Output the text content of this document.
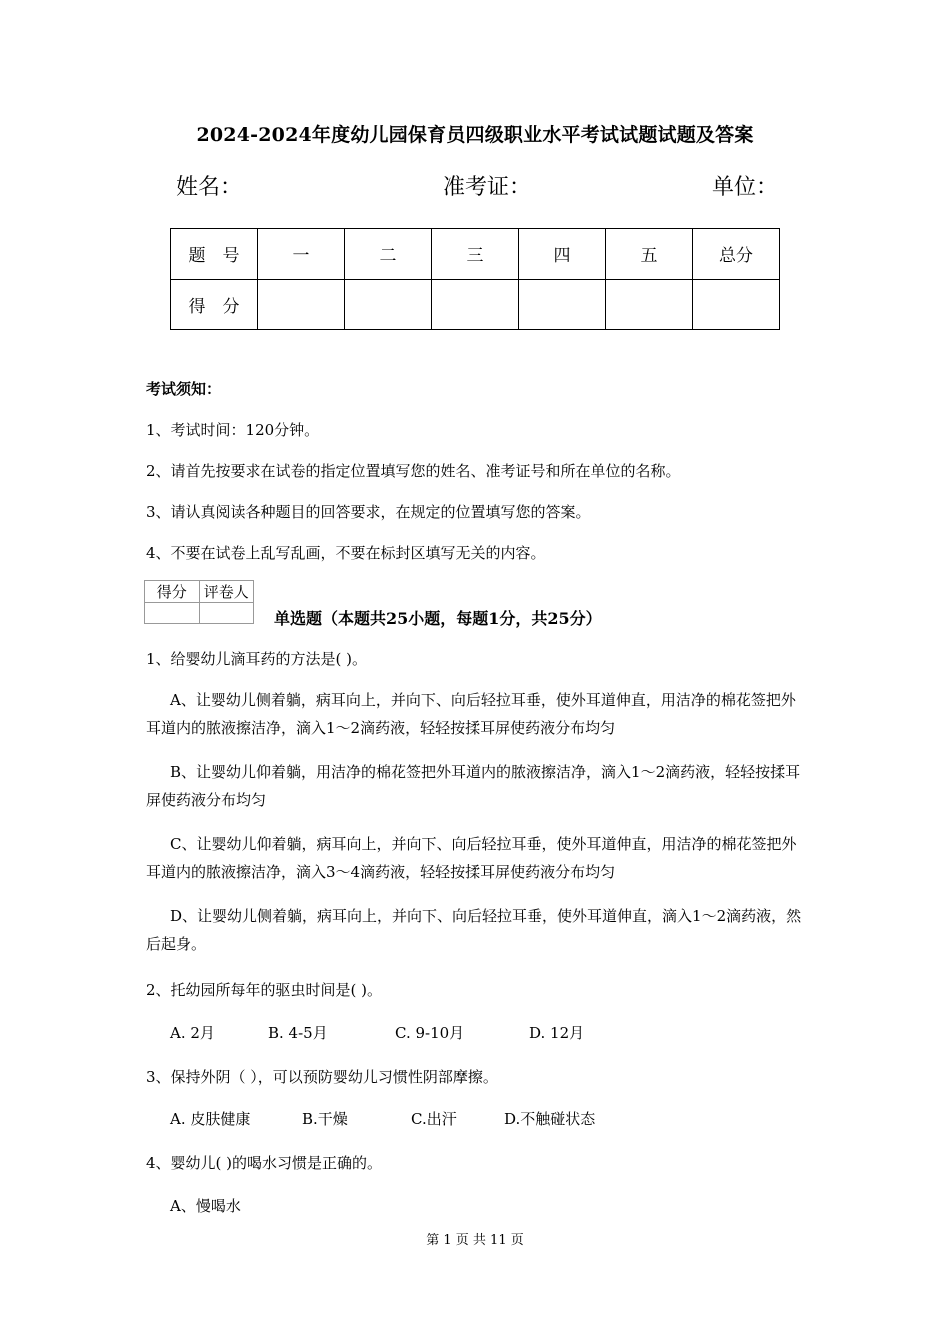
2024-2024年度幼儿园保育员四级职业水平考试试题试题及答案
姓名：	准考证：	单位：
题　号	一	二	三	四	五	总分
得　分						
考试须知：
1、考试时间：120分钟。
2、请首先按要求在试卷的指定位置填写您的姓名、准考证号和所在单位的名称。
3、请认真阅读各种题目的回答要求，在规定的位置填写您的答案。
4、不要在试卷上乱写乱画，不要在标封区填写无关的内容。
得分	评卷人

单选题（本题共25小题，每题1分，共25分）
1、给婴幼儿滴耳药的方法是( )。
A、让婴幼儿侧着躺，病耳向上，并向下、向后轻拉耳垂，使外耳道伸直，用洁净的棉花签把外耳道内的脓液擦洁净，滴入1～2滴药液，轻轻按揉耳屏使药液分布均匀
B、让婴幼儿仰着躺，用洁净的棉花签把外耳道内的脓液擦洁净，滴入1～2滴药液，轻轻按揉耳屏使药液分布均匀
C、让婴幼儿仰着躺，病耳向上，并向下、向后轻拉耳垂，使外耳道伸直，用洁净的棉花签把外耳道内的脓液擦洁净，滴入3～4滴药液，轻轻按揉耳屏使药液分布均匀
D、让婴幼儿侧着躺，病耳向上，并向下、向后轻拉耳垂，使外耳道伸直，滴入1～2滴药液，然后起身。
2、托幼园所每年的驱虫时间是( )。
A. 2月	B. 4-5月	C. 9-10月	D. 12月
3、保持外阴（ ），可以预防婴幼儿习惯性阴部摩擦。
A. 皮肤健康	B.干燥	C.出汗	D.不触碰状态
4、婴幼儿( )的喝水习惯是正确的。
A、慢喝水
第 1 页 共 11 页
